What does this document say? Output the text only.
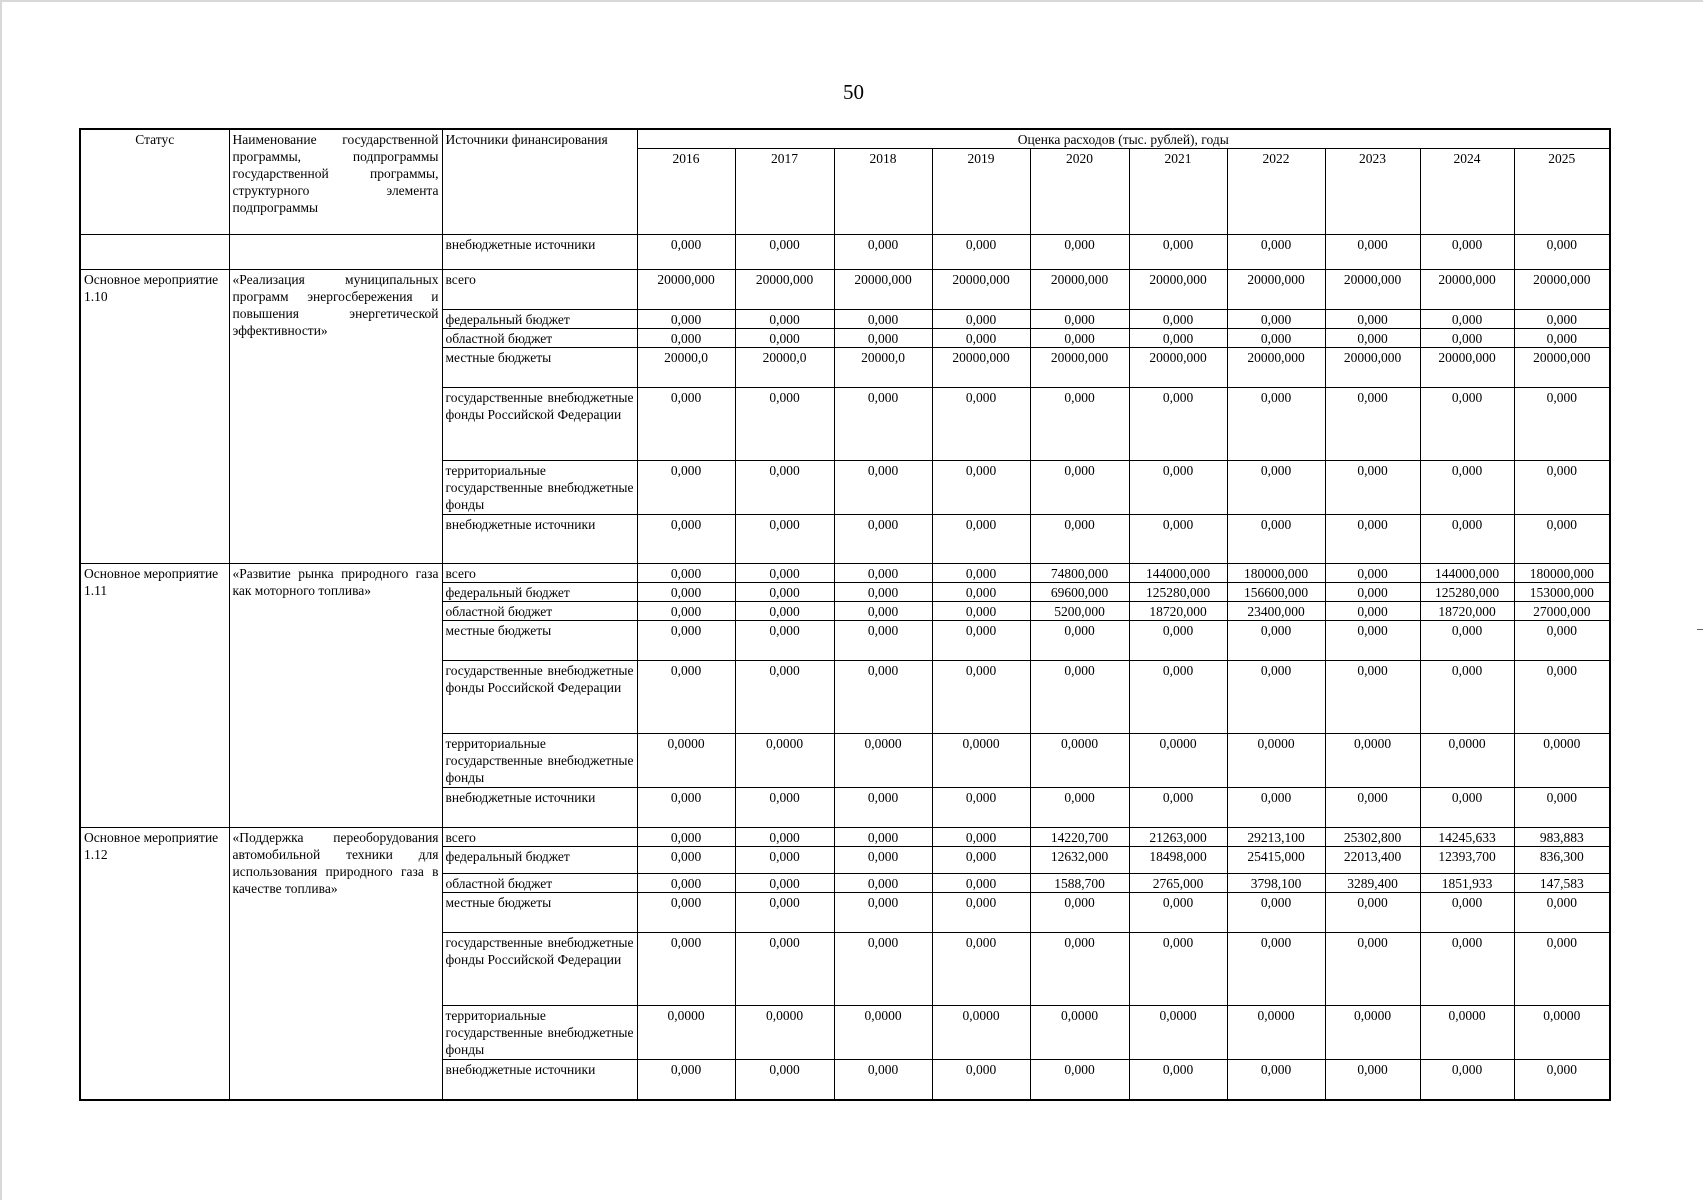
50
Статус	Наименование государственной программы, подпрограммы государственной программы, структурного элемента подпрограммы	Источники финансирования	Оценка расходов (тыс. рублей), годы									
			2016	2017	2018	2019	2020	2021	2022	2023	2024	2025
		внебюджетные источники	0,000	0,000	0,000	0,000	0,000	0,000	0,000	0,000	0,000	0,000
Основное мероприятие 1.10	«Реализация муниципальных программ энергосбережения и повышения энергетической эффективности»	всего	20000,000	20000,000	20000,000	20000,000	20000,000	20000,000	20000,000	20000,000	20000,000	20000,000
		федеральный бюджет	0,000	0,000	0,000	0,000	0,000	0,000	0,000	0,000	0,000	0,000
		областной бюджет	0,000	0,000	0,000	0,000	0,000	0,000	0,000	0,000	0,000	0,000
		местные бюджеты	20000,0	20000,0	20000,0	20000,000	20000,000	20000,000	20000,000	20000,000	20000,000	20000,000
		государственные внебюджетные фонды Российской Федерации	0,000	0,000	0,000	0,000	0,000	0,000	0,000	0,000	0,000	0,000
		территориальные государственные внебюджетные фонды	0,000	0,000	0,000	0,000	0,000	0,000	0,000	0,000	0,000	0,000
		внебюджетные источники	0,000	0,000	0,000	0,000	0,000	0,000	0,000	0,000	0,000	0,000
Основное мероприятие 1.11	«Развитие рынка природного газа как моторного топлива»	всего	0,000	0,000	0,000	0,000	74800,000	144000,000	180000,000	0,000	144000,000	180000,000
		федеральный бюджет	0,000	0,000	0,000	0,000	69600,000	125280,000	156600,000	0,000	125280,000	153000,000
		областной бюджет	0,000	0,000	0,000	0,000	5200,000	18720,000	23400,000	0,000	18720,000	27000,000
		местные бюджеты	0,000	0,000	0,000	0,000	0,000	0,000	0,000	0,000	0,000	0,000
		государственные внебюджетные фонды Российской Федерации	0,000	0,000	0,000	0,000	0,000	0,000	0,000	0,000	0,000	0,000
		территориальные государственные внебюджетные фонды	0,0000	0,0000	0,0000	0,0000	0,0000	0,0000	0,0000	0,0000	0,0000	0,0000
		внебюджетные источники	0,000	0,000	0,000	0,000	0,000	0,000	0,000	0,000	0,000	0,000
Основное мероприятие 1.12	«Поддержка переоборудования автомобильной техники для использования природного газа в качестве топлива»	всего	0,000	0,000	0,000	0,000	14220,700	21263,000	29213,100	25302,800	14245,633	983,883
		федеральный бюджет	0,000	0,000	0,000	0,000	12632,000	18498,000	25415,000	22013,400	12393,700	836,300
		областной бюджет	0,000	0,000	0,000	0,000	1588,700	2765,000	3798,100	3289,400	1851,933	147,583
		местные бюджеты	0,000	0,000	0,000	0,000	0,000	0,000	0,000	0,000	0,000	0,000
		государственные внебюджетные фонды Российской Федерации	0,000	0,000	0,000	0,000	0,000	0,000	0,000	0,000	0,000	0,000
		территориальные государственные внебюджетные фонды	0,0000	0,0000	0,0000	0,0000	0,0000	0,0000	0,0000	0,0000	0,0000	0,0000
		внебюджетные источники	0,000	0,000	0,000	0,000	0,000	0,000	0,000	0,000	0,000	0,000
